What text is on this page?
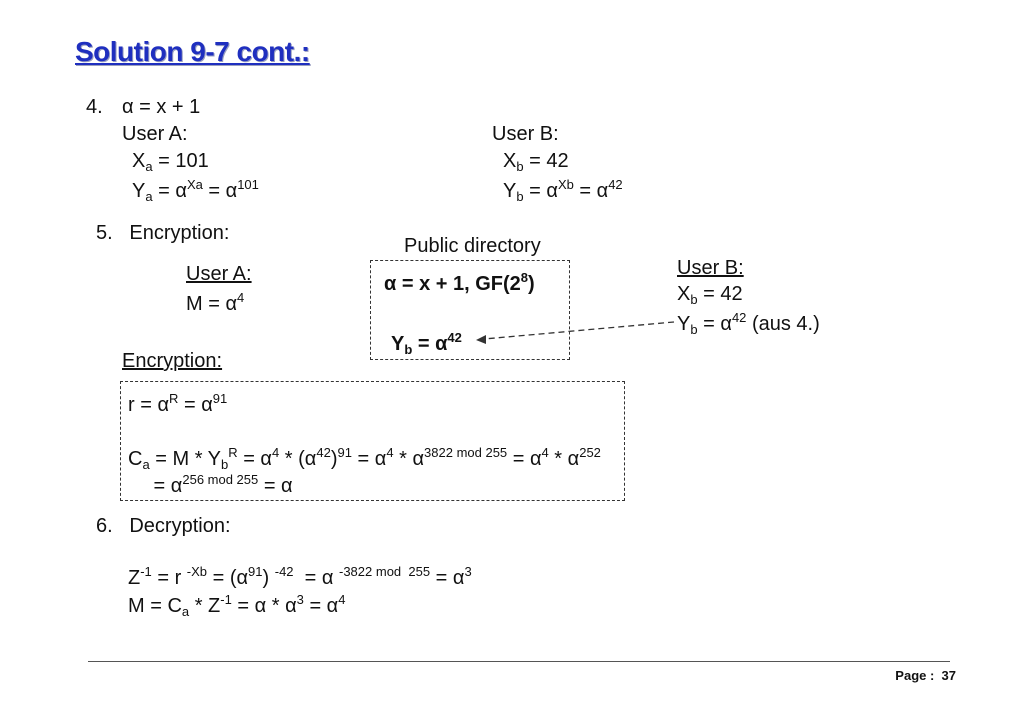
Solution 9-7 cont.:
4. α = x + 1
User A:
$X_a = 101$
$Y_a = \alpha^{Xa} = \alpha^{101}$
User B:
$X_b = 42$
$Y_b = \alpha^{Xb} = \alpha^{42}$
5.   Encryption:
Public directory
α = x + 1, $GF(2^8)$
$Y_b = \alpha^{42}$
User A:
$M = \alpha^4$
User B:
$X_b = 42$
$Y_b = \alpha^{42}$ (aus 4.)
Encryption:
$r = \alpha^R = \alpha^{91}$
$C_a = M * Y_b^R = \alpha^4 * (\alpha^{42})^{91} = \alpha^4 * \alpha^{3822 mod 255} = \alpha^4 * \alpha^{252}$
= $\alpha^{256 mod 255} = \alpha$
6.   Decryption:
$Z^{-1} = r$ $^{-Xb} = (\alpha^{91}) ^{-42} = \alpha$ $^{-3822 mod 255} = \alpha^3$
$M = C_a * Z^{-1} = \alpha * \alpha^3 = \alpha^4$
Page :  37
